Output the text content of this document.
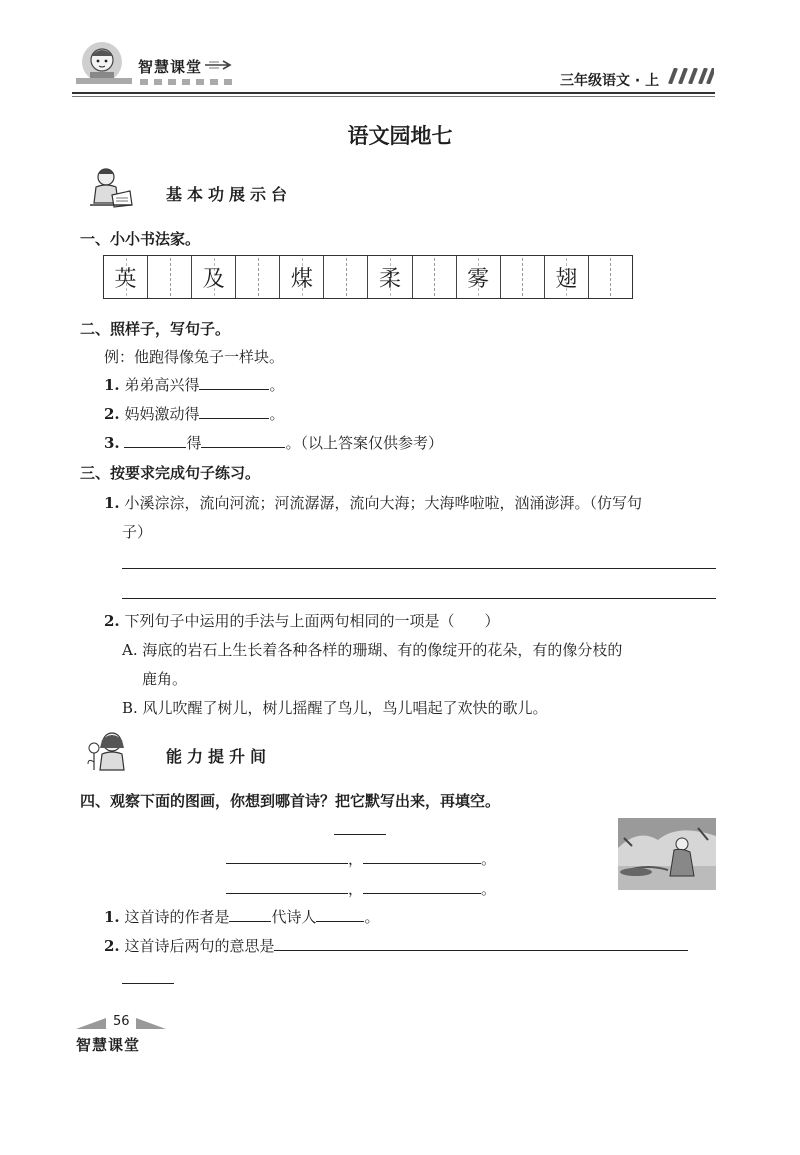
智慧课堂
三年级语文 · 上
语文园地七
基本功展示台
一、小小书法家。
英	及	煤	柔	雾	翅
二、照样子，写句子。
例：他跑得像兔子一样块。
1. 弟弟高兴得	。
2. 妈妈激动得	。
3.	得	。（以上答案仅供参考）
三、按要求完成句子练习。
1. 小溪淙淙，流向河流；河流潺潺，流向大海；大海哗啦啦，汹涌澎湃。（仿写句
子）
2. 下列句子中运用的手法与上面两句相同的一项是（　　）
A. 海底的岩石上生长着各种各样的珊瑚、有的像绽开的花朵，有的像分枝的
鹿角。
B. 风儿吹醒了树儿，树儿摇醒了鸟儿，鸟儿唱起了欢快的歌儿。
能力提升间
四、观察下面的图画，你想到哪首诗？把它默写出来，再填空。
，	。
，	。
1. 这首诗的作者是	代诗人	。
2. 这首诗后两句的意思是
56
智慧课堂
